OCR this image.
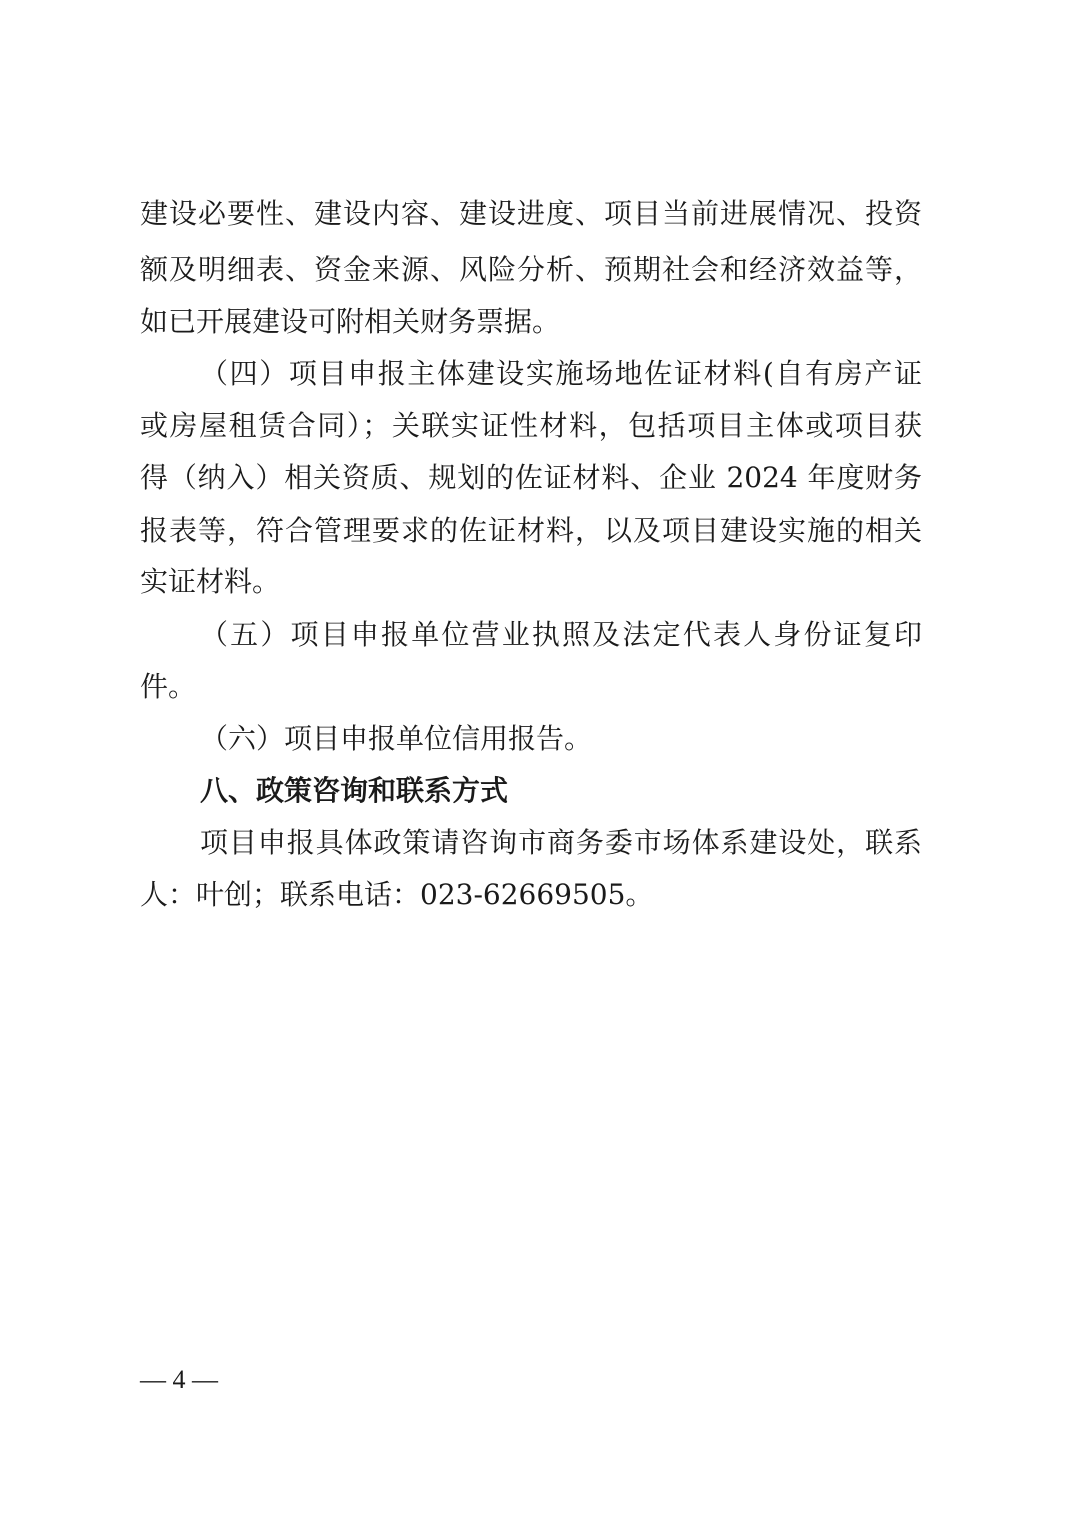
建设必要性、建设内容、建设进度、项目当前进展情况、投资
额及明细表、资金来源、风险分析、预期社会和经济效益等，
如已开展建设可附相关财务票据。
（四）项目申报主体建设实施场地佐证材料(自有房产证
或房屋租赁合同）；关联实证性材料，包括项目主体或项目获
得（纳入）相关资质、规划的佐证材料、企业 2024 年度财务
报表等，符合管理要求的佐证材料，以及项目建设实施的相关
实证材料。
（五）项目申报单位营业执照及法定代表人身份证复印
件。
（六）项目申报单位信用报告。
八、政策咨询和联系方式
项目申报具体政策请咨询市商务委市场体系建设处，联系
人：叶创；联系电话：023-62669505。
— 4 —
